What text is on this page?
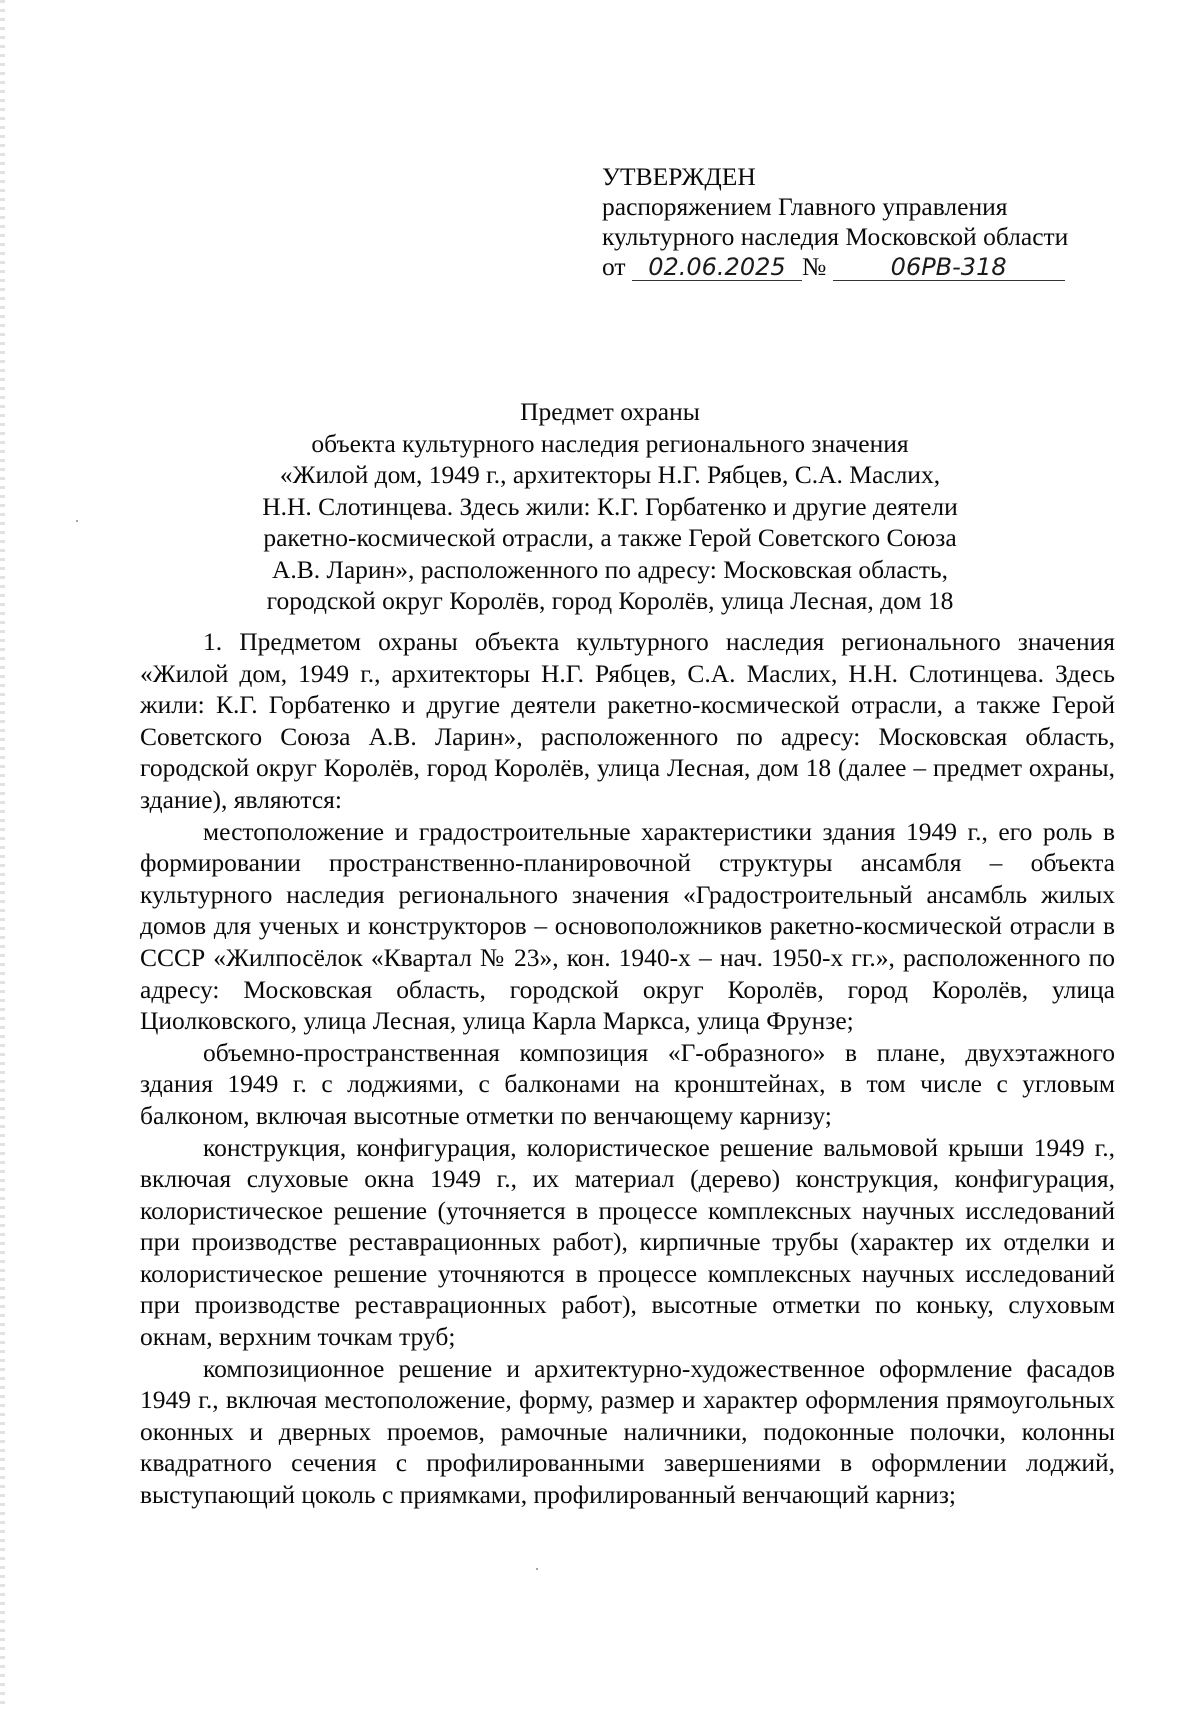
УТВЕРЖДЕН
распоряжением Главного управления
культурного наследия Московской области
от 02.06.2025 №	06РВ-318
Предмет охраны
объекта культурного наследия регионального значения
«Жилой дом, 1949 г., архитекторы Н.Г. Рябцев, С.А. Маслих,
Н.Н. Слотинцева. Здесь жили: К.Г. Горбатенко и другие деятели
ракетно-космической отрасли, а также Герой Советского Союза
А.В. Ларин», расположенного по адресу: Московская область,
городской округ Королёв, город Королёв, улица Лесная, дом 18

1. Предметом охраны объекта культурного наследия регионального значения «Жилой дом, 1949 г., архитекторы Н.Г. Рябцев, С.А. Маслих, Н.Н. Слотинцева. Здесь жили: К.Г. Горбатенко и другие деятели ракетно-космической отрасли, а также Герой Советского Союза А.В. Ларин», расположенного по адресу: Московская область, городской округ Королёв, город Королёв, улица Лесная, дом 18 (далее – предмет охраны, здание), являются:

местоположение и градостроительные характеристики здания 1949 г., его роль в формировании пространственно-планировочной структуры ансамбля – объекта культурного наследия регионального значения «Градостроительный ансамбль жилых домов для ученых и конструкторов – основоположников ракетно-космической отрасли в СССР «Жилпосёлок «Квартал № 23», кон. 1940-х – нач. 1950-х гг.», расположенного по адресу: Московская область, городской округ Королёв, город Королёв, улица Циолковского, улица Лесная, улица Карла Маркса, улица Фрунзе;

объемно-пространственная композиция «Г-образного» в плане, двухэтажного здания 1949 г. с лоджиями, с балконами на кронштейнах, в том числе с угловым балконом, включая высотные отметки по венчающему карнизу;

конструкция, конфигурация, колористическое решение вальмовой крыши 1949 г., включая слуховые окна 1949 г., их материал (дерево) конструкция, конфигурация, колористическое решение (уточняется в процессе комплексных научных исследований при производстве реставрационных работ), кирпичные трубы (характер их отделки и колористическое решение уточняются в процессе комплексных научных исследований при производстве реставрационных работ), высотные отметки по коньку, слуховым окнам, верхним точкам труб;

композиционное решение и архитектурно-художественное оформление фасадов 1949 г., включая местоположение, форму, размер и характер оформления прямоугольных оконных и дверных проемов, рамочные наличники, подоконные полочки, колонны квадратного сечения с профилированными завершениями в оформлении лоджий, выступающий цоколь с приямками, профилированный венчающий карниз;
